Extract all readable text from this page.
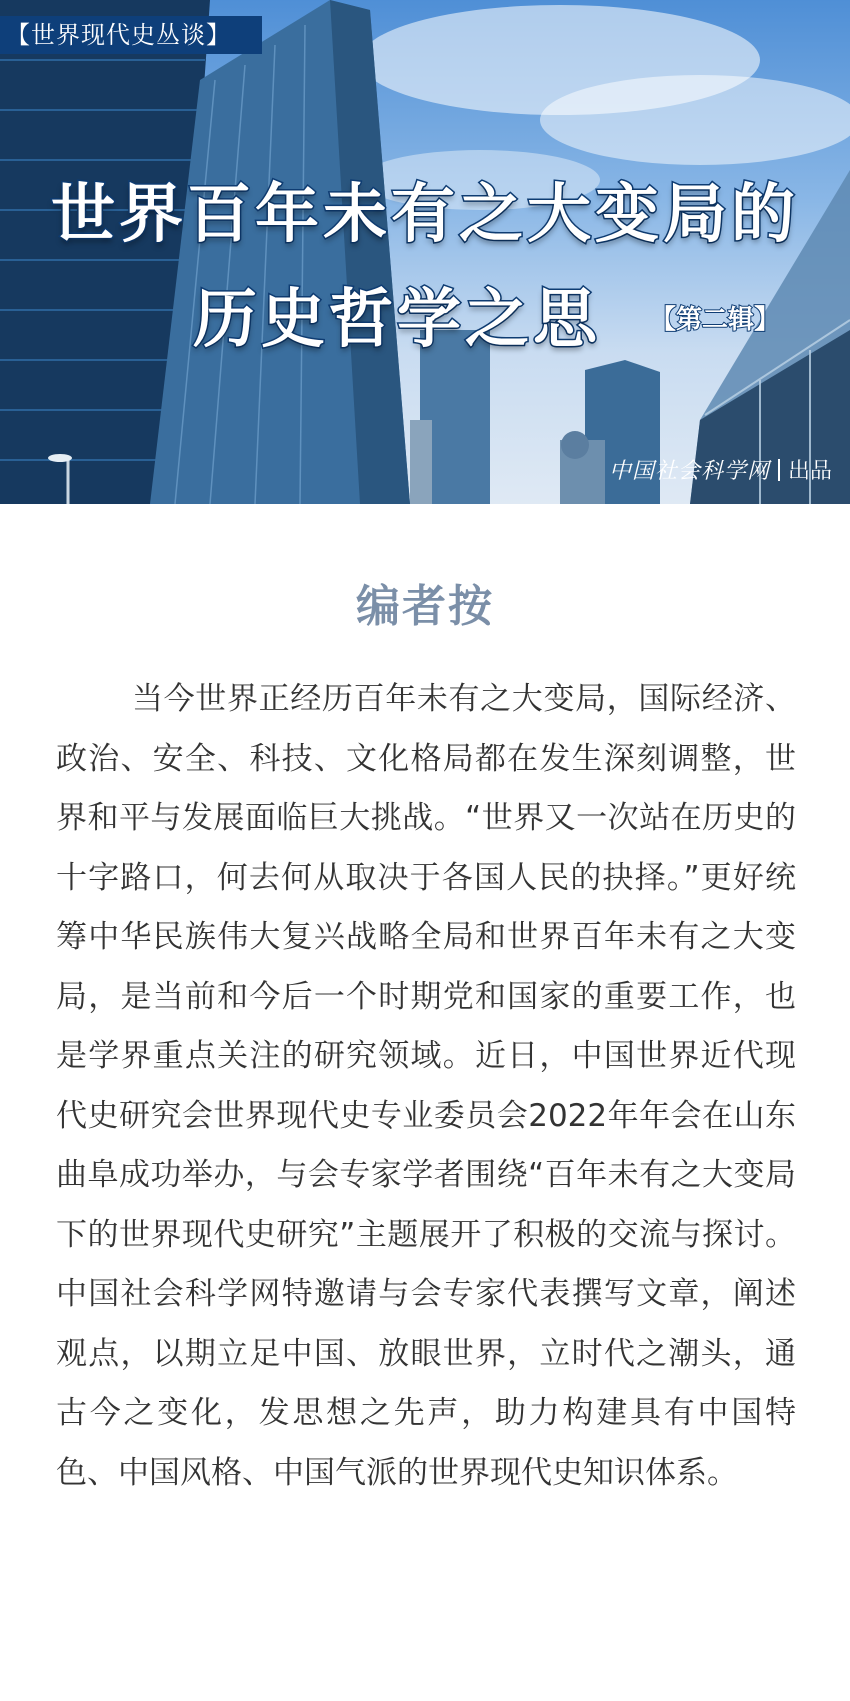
【世界现代史丛谈】
世界百年未有之大变局的
历史哲学之思	【第二辑】
中国社会科学网 出品
编者按

当今世界正经历百年未有之大变局，国际经济、政治、安全、科技、文化格局都在发生深刻调整，世界和平与发展面临巨大挑战。“世界又一次站在历史的十字路口，何去何从取决于各国人民的抉择。”更好统筹中华民族伟大复兴战略全局和世界百年未有之大变局，是当前和今后一个时期党和国家的重要工作，也是学界重点关注的研究领域。近日，中国世界近代现代史研究会世界现代史专业委员会2022年年会在山东曲阜成功举办，与会专家学者围绕“百年未有之大变局下的世界现代史研究”主题展开了积极的交流与探讨。中国社会科学网特邀请与会专家代表撰写文章，阐述观点，以期立足中国、放眼世界，立时代之潮头，通古今之变化，发思想之先声，助力构建具有中国特色、中国风格、中国气派的世界现代史知识体系。
